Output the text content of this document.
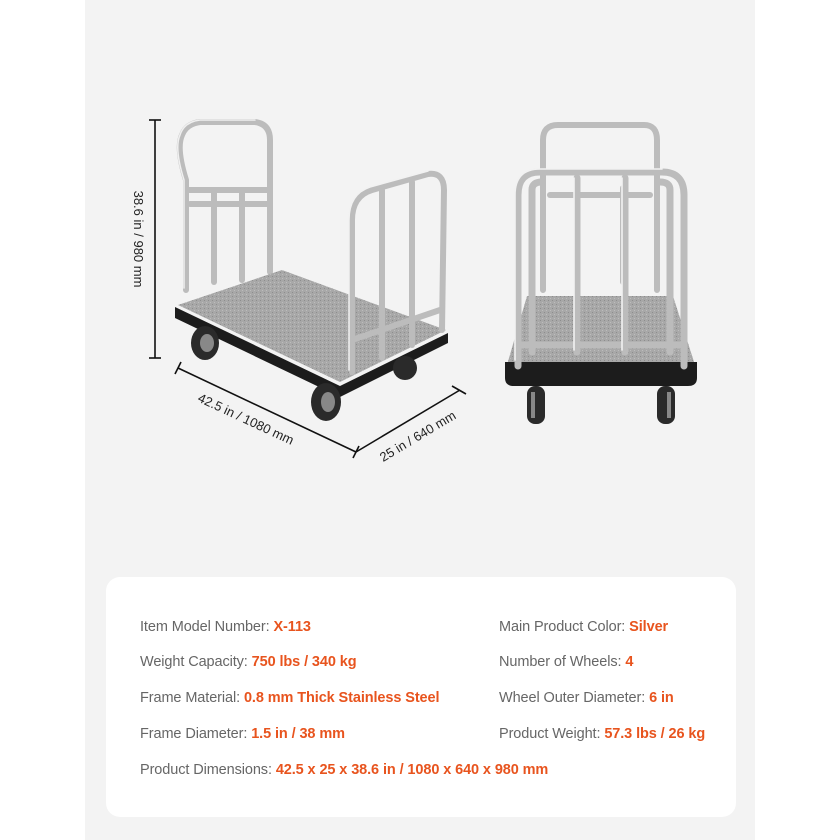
38.6 in / 980 mm
42.5 in / 1080 mm	25 in / 640 mm
Item Model Number: X-113
Weight Capacity: 750 lbs / 340 kg
Frame Material: 0.8 mm Thick Stainless Steel
Frame Diameter: 1.5 in / 38 mm
Product Dimensions: 42.5 x 25 x 38.6 in / 1080 x 640 x 980 mm
Main Product Color: Silver
Number of Wheels: 4
Wheel Outer Diameter: 6 in
Product Weight: 57.3 lbs / 26 kg
